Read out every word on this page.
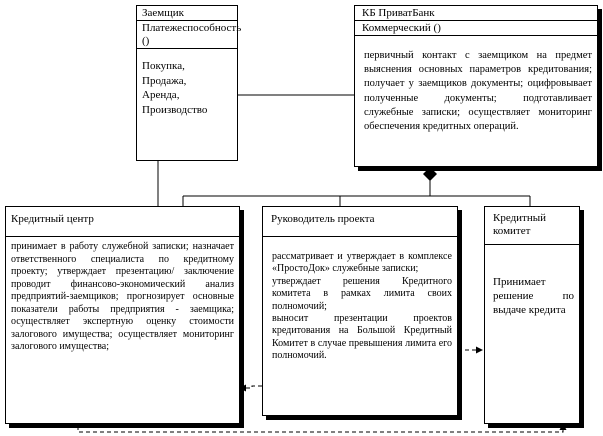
Заемщик
Платежеспособность ()

Покупка,

Продажа,

Аренда,

Производство

КБ ПриватБанк
Коммерческий ()
первичный контакт с заемщиком на предмет выяснения основных параметров кредитования; получает у заемщиков документы; оцифровывает полученные документы; подготавливает служебные записки; осуществляет мониторинг обеспечения кредитных операций.
Кредитный центр
принимает в работу служебной записки; назначает ответственного специалиста по кредитному проекту; утверждает презентацию/ заключение проводит финансово-экономический анализ предприятий-заемщиков; прогнозирует основные показатели работы предприятия - заемщика; осуществляет экспертную оценку стоимости залогового имущества; осуществляет мониторинг залогового имущества;
Руководитель проекта

рассматривает и утверждает в комплексе «ПростоДок» служебные записки;

утверждает решения Кредитного комитета в рамках лимита своих полномочий;

выносит презентации проектов кредитования на Большой Кредитный Комитет в случае превышения лимита его полномочий.

Кредитный комитет
Принимает решение по выдаче кредита
